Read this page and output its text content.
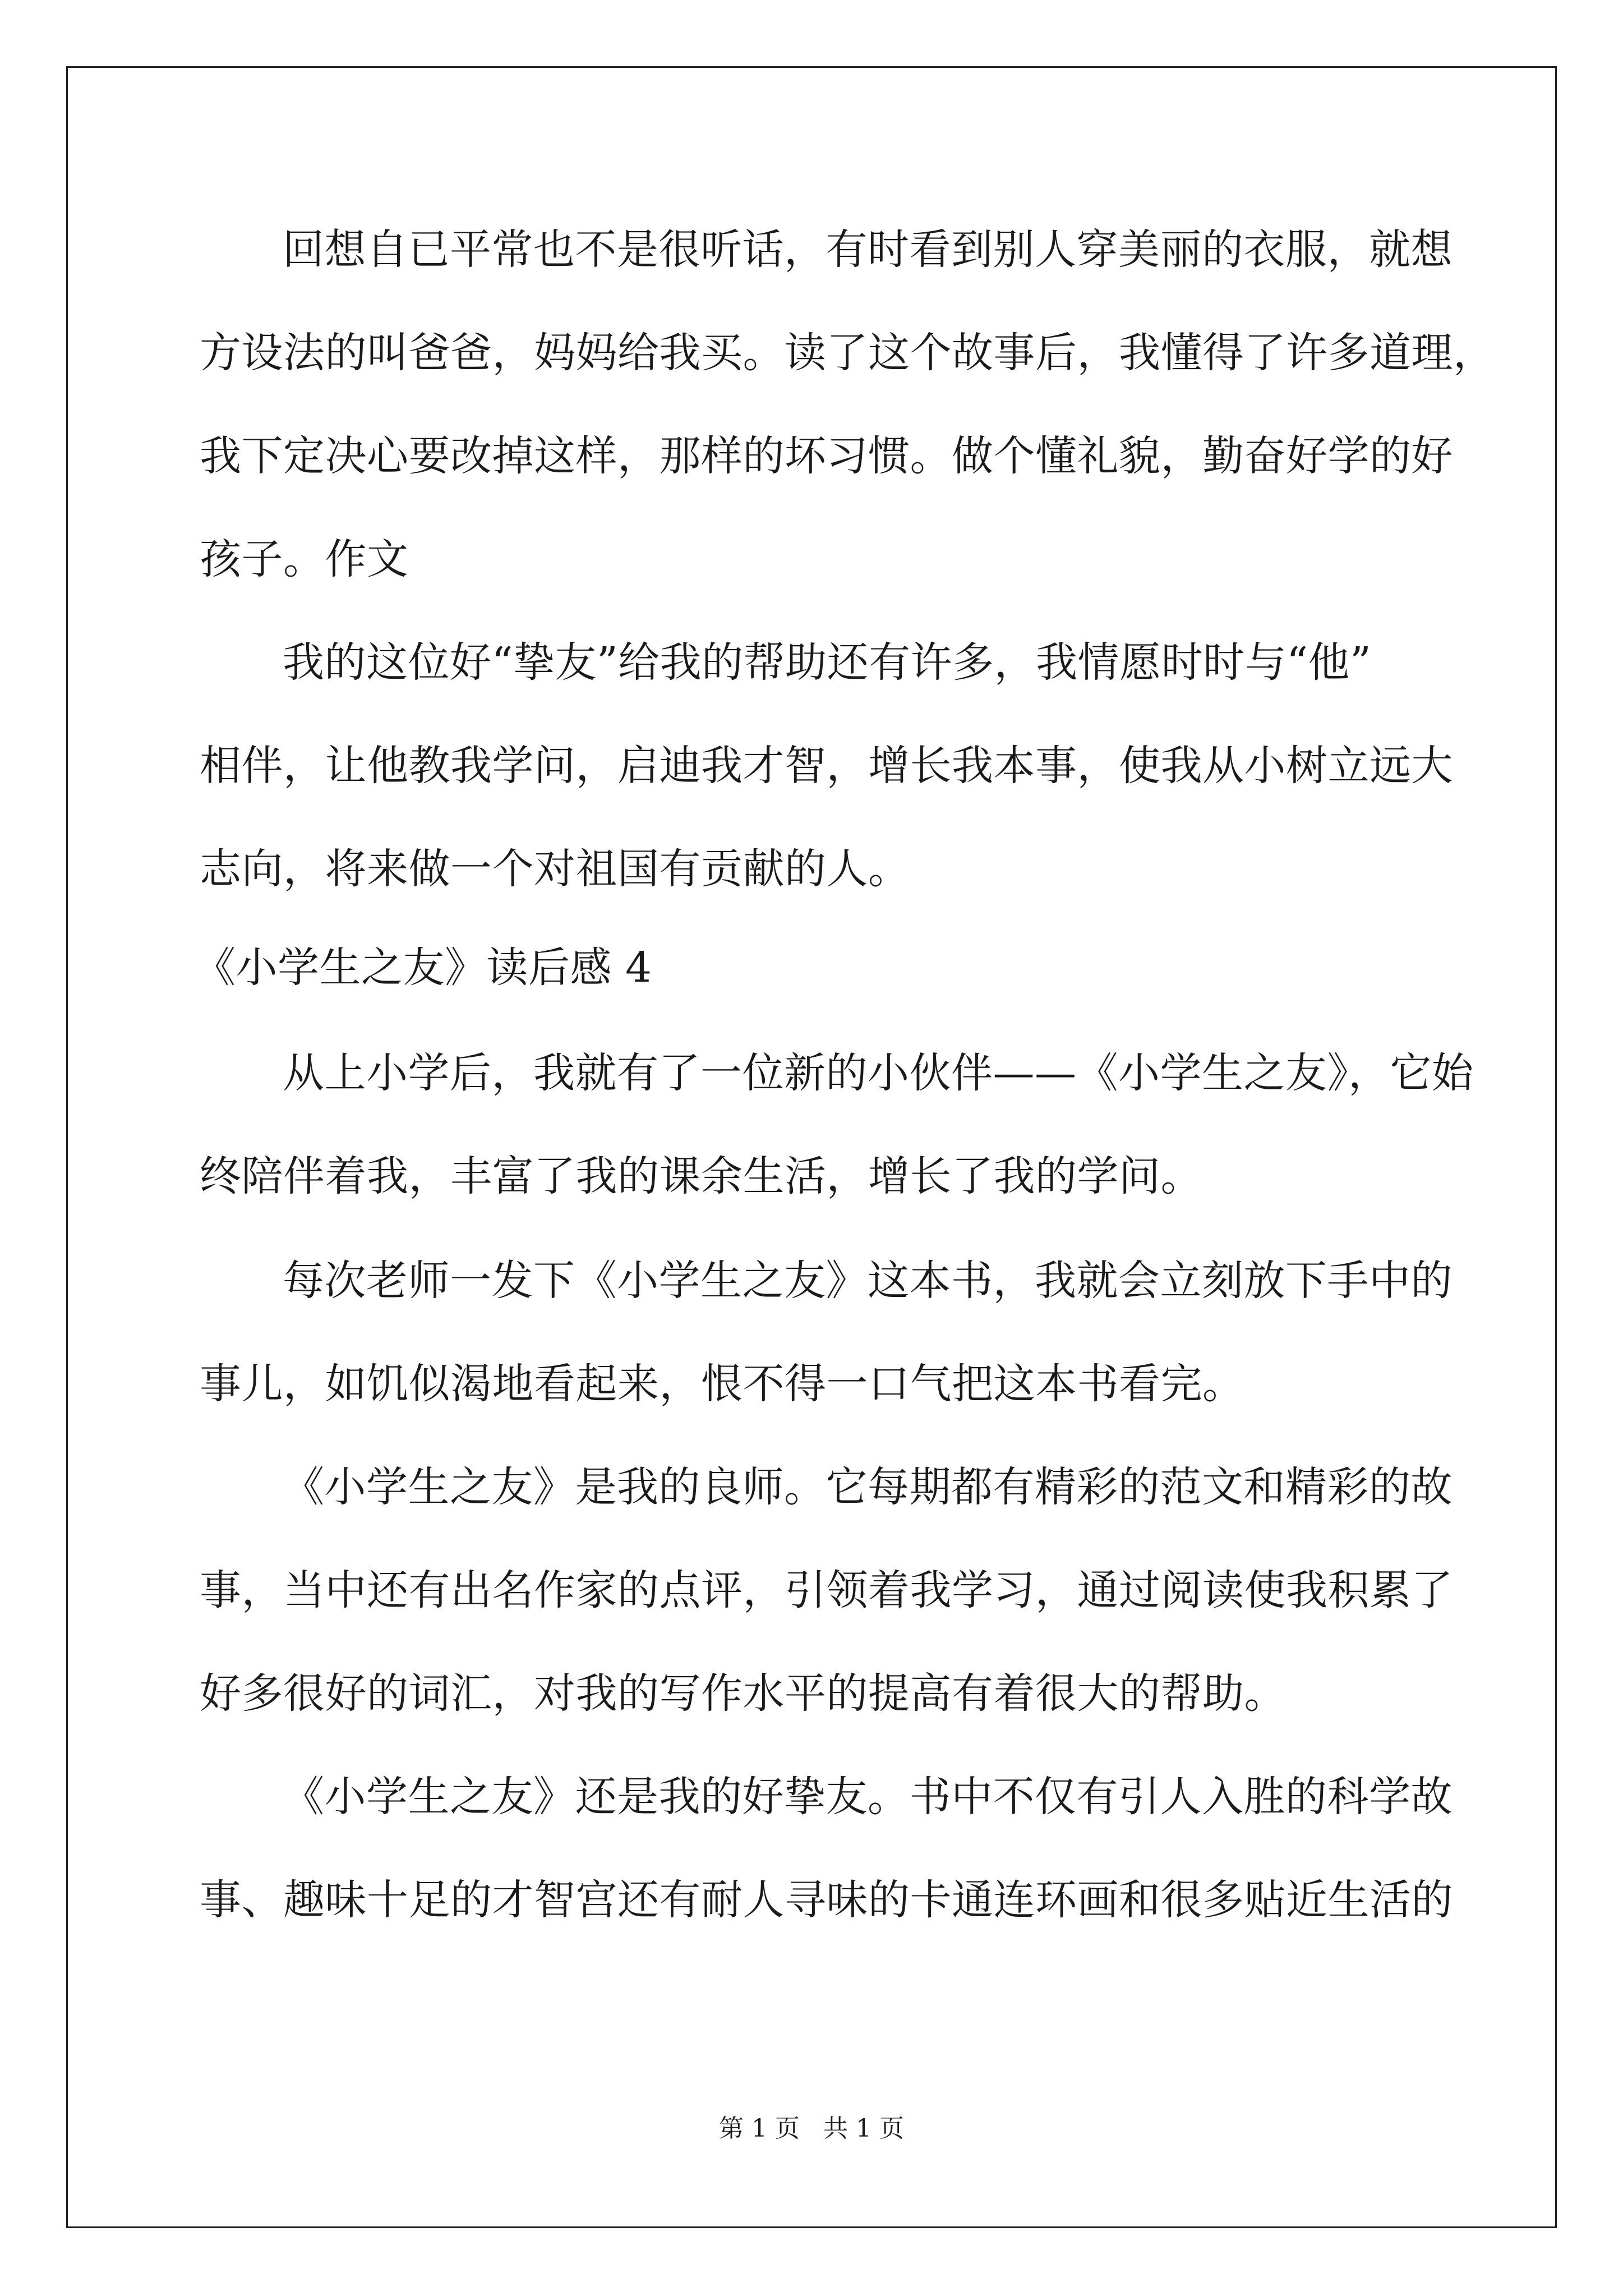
回想自已平常也不是很听话，有时看到别人穿美丽的衣服，就想
方设法的叫爸爸，妈妈给我买。读了这个故事后，我懂得了许多道理，
我下定决心要改掉这样，那样的坏习惯。做个懂礼貌，勤奋好学的好
孩子。作文
我的这位好“挚友”给我的帮助还有许多，我情愿时时与“他”
相伴，让他教我学问，启迪我才智，增长我本事，使我从小树立远大
志向，将来做一个对祖国有贡献的人。
《小学生之友》读后感 4
从上小学后，我就有了一位新的小伙伴——《小学生之友》，它始
终陪伴着我，丰富了我的课余生活，增长了我的学问。
每次老师一发下《小学生之友》这本书，我就会立刻放下手中的
事儿，如饥似渴地看起来，恨不得一口气把这本书看完。
《小学生之友》是我的良师。它每期都有精彩的范文和精彩的故
事，当中还有出名作家的点评，引领着我学习，通过阅读使我积累了
好多很好的词汇，对我的写作水平的提高有着很大的帮助。
《小学生之友》还是我的好挚友。书中不仅有引人入胜的科学故
事、趣味十足的才智宫还有耐人寻味的卡通连环画和很多贴近生活的
第 1 页   共 1 页
